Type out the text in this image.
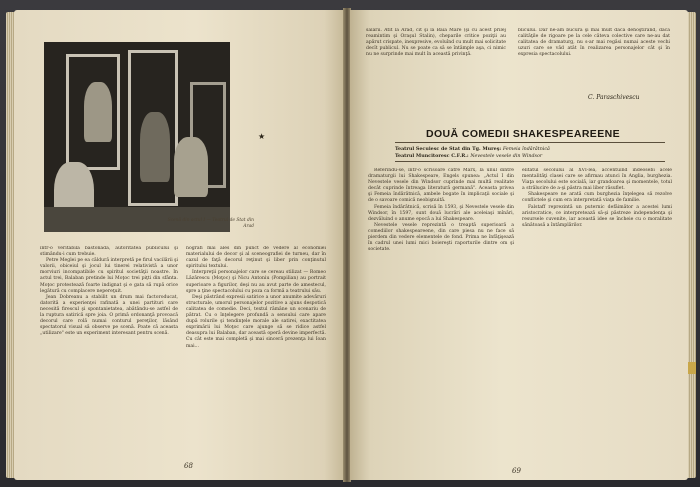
Scenă din actul I — Teatrul de Stat din Arad
★

intr-o veritabilă bastonadă, autoritatea publicului şi stimându-i cum trebuie.

Petre Meglei pe ea căldură interpretă pe firul vacilării şi valorii, obiceiul şi jocul lui tinerei relativistă a unor morviuri incompatibile cu spiritul societăţii noastre. In actul trei, Balaban pretinde lui Moţoc trei piţti din sfânta. Moţoc protestează foarte indignat şi e gata să rupă orice legătură cu complacere nepereţuit.

Jean Dobreanu a stabilit un drum mai factoroducat, datorită a experienţei rafinată a unei partituri care necesită firescul şi spontanietatea, abătându-se astfel de la ruptura satirică spre joia. O primă ordonanţă provoacă decorul care rolă numai conturul pereţilor, lăsând spectatorul visual să observe pe scenă. Poate că aceasta „utilizare" este un experiment interesant pentru scenă.

nografi mai ales din punct de vedere al economiei materialului de decor şi al sceneografiei de turneu, dar în cazul de faţă decorul reţinut şi liber prin conţinutul spiritului textului.

Interpreţii personajelor care se cereau stilizat — Romeo Lăzărescu (Moţoc) şi Nicu Antoniu (Pompilian) au portrait superioare a figurilor, deşi nu au avut parte de amestecul, spre a ţine spectacolului cu poza ca formă a teatrului său.

Deşi păstrând expresii satirice a unor anumite adevăruri structurale, umorul personajelor pozitive a ajuns despotică calitatea de comedie. Deci, textul rămâne un scenariu de pătrat. Cu o înţelegere profundă a sensului care apare după rolurile şi tendinţele morale ale satirei, exactitatea exprimării lui Moţoc care ajunge să se ridice astfel deasupra lui Balaban, dar această operă devine imperfectă. Cu cât este mai completă şi mai sinceră prezenţa lui Ioan mai...

68

salarii. Atît la Arad, cît şi la Baia Mare (şi cu acest prilej reamintim şi Oraşul Stalin), cheparile critice poziţii au apărut crispate, inexpresive, evoluînd cu mult mai solicitate decît publicul. Nu se poate ca să se întâmple aşa, ci nimic nu ne surprinde mai mult în această privinţă.

blicului. Dar ne-am bucura şi mai mult dacă dehoştirand, dacă calităţile de rigoare pe la cele câteva colective care ne-au dat calitatea de dramaturg, nu s-ar mai regăsi numai aceste vechi uzuri care se văd atât în realizarea personajelor cât şi în expresia spectacolului.

C. Paraschivescu
DOUĂ COMEDII SHAKESPEAREENE
Teatrul Secuiesc de Stat din Tg. Mureş: Femeia îndărătnică
Teatrul Muncitoresc C.F.R.: Nevestele vesele din Windsor

Referindu-se, intr-o scrisoare către Marx, la unul dintre dramaturgii lui Shakespeare, Engels spunea: „Actul I din Nevestele vesele din Windsor cuprinde mai multă realitate decât cuprinde întreaga literatură germană". Aceasta privea şi Femeia îndărătnică, ambele bogate în implicaţii sociale şi de o savoare comică neobişnuită.

Femeia îndărătnică, scrisă în 1593, şi Nevestele vesele din Windsor, în 1597, sunt două lucrări ale aceleiaşi mînări, dezvăluind o anume epocă a lui Shakespeare.

Nevestele vesele reprezintă o treaptă superioară a comediilor shakespeareene, din care piesa nu ne face să pierdem din vedere elementele de fond. Prima ne înfăţişează în cadrul unei lumi mici boiereşti raporturile dintre om şi societate.

elitătul secolului al XVI-lea, accentuînd îndeosebi acele mentalităţi clasei care se afirmau atunci în Anglia, burghezia. Viaţa secolului este socială, iar grandoarea şi momentele, totul a strălucire de a-şi păstra mai liber răsuflet.

Shakespeare ne arată cum burghezia înţelegea să rezolve conflictele şi cum era interpretată viaţa de familie.

Falstaff reprezintă un puternic defăimător a acestei lumi aristocratice, ce interpretează să-şi păstreze independenţa şi resursele cuvenite, iar această idee se încheie cu o moralitate sănătoasă a întâmplărilor.

69
